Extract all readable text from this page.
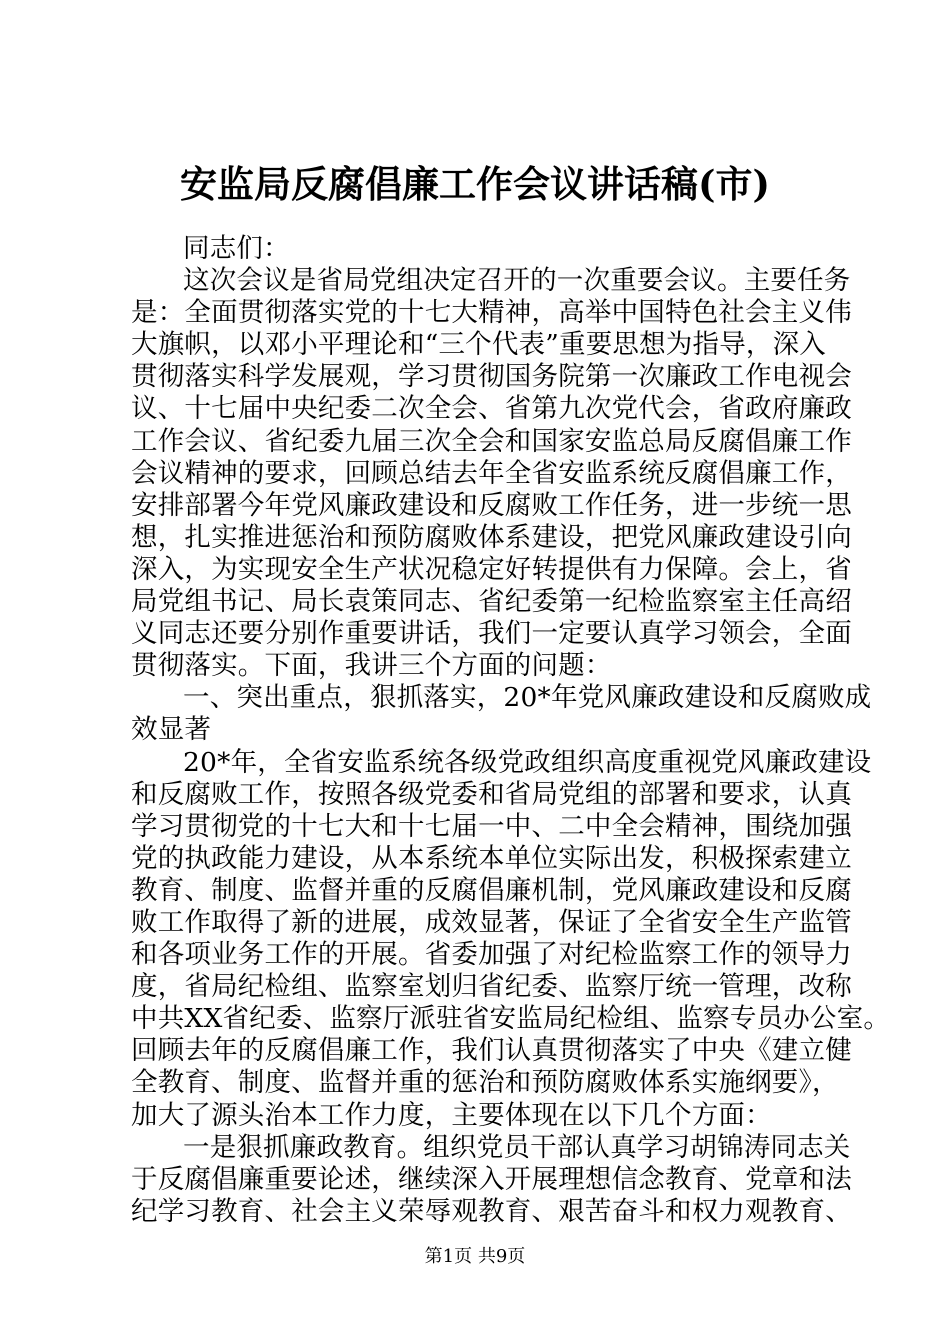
安监局反腐倡廉工作会议讲话稿(市)
同志们：
这次会议是省局党组决定召开的一次重要会议。主要任务
是：全面贯彻落实党的十七大精神，高举中国特色社会主义伟
大旗帜，以邓小平理论和“三个代表”重要思想为指导，深入
贯彻落实科学发展观，学习贯彻国务院第一次廉政工作电视会
议、十七届中央纪委二次全会、省第九次党代会，省政府廉政
工作会议、省纪委九届三次全会和国家安监总局反腐倡廉工作
会议精神的要求，回顾总结去年全省安监系统反腐倡廉工作，
安排部署今年党风廉政建设和反腐败工作任务，进一步统一思
想，扎实推进惩治和预防腐败体系建设，把党风廉政建设引向
深入，为实现安全生产状况稳定好转提供有力保障。会上，省
局党组书记、局长袁策同志、省纪委第一纪检监察室主任高绍
义同志还要分别作重要讲话，我们一定要认真学习领会，全面
贯彻落实。下面，我讲三个方面的问题：
一、突出重点，狠抓落实，20*年党风廉政建设和反腐败成
效显著
20*年，全省安监系统各级党政组织高度重视党风廉政建设
和反腐败工作，按照各级党委和省局党组的部署和要求，认真
学习贯彻党的十七大和十七届一中、二中全会精神，围绕加强
党的执政能力建设，从本系统本单位实际出发，积极探索建立
教育、制度、监督并重的反腐倡廉机制，党风廉政建设和反腐
败工作取得了新的进展，成效显著，保证了全省安全生产监管
和各项业务工作的开展。省委加强了对纪检监察工作的领导力
度，省局纪检组、监察室划归省纪委、监察厅统一管理，改称
中共XX省纪委、监察厅派驻省安监局纪检组、监察专员办公室。
回顾去年的反腐倡廉工作，我们认真贯彻落实了中央《建立健
全教育、制度、监督并重的惩治和预防腐败体系实施纲要》，
加大了源头治本工作力度，主要体现在以下几个方面：
一是狠抓廉政教育。组织党员干部认真学习胡锦涛同志关
于反腐倡廉重要论述，继续深入开展理想信念教育、党章和法
纪学习教育、社会主义荣辱观教育、艰苦奋斗和权力观教育、
第1页 共9页
